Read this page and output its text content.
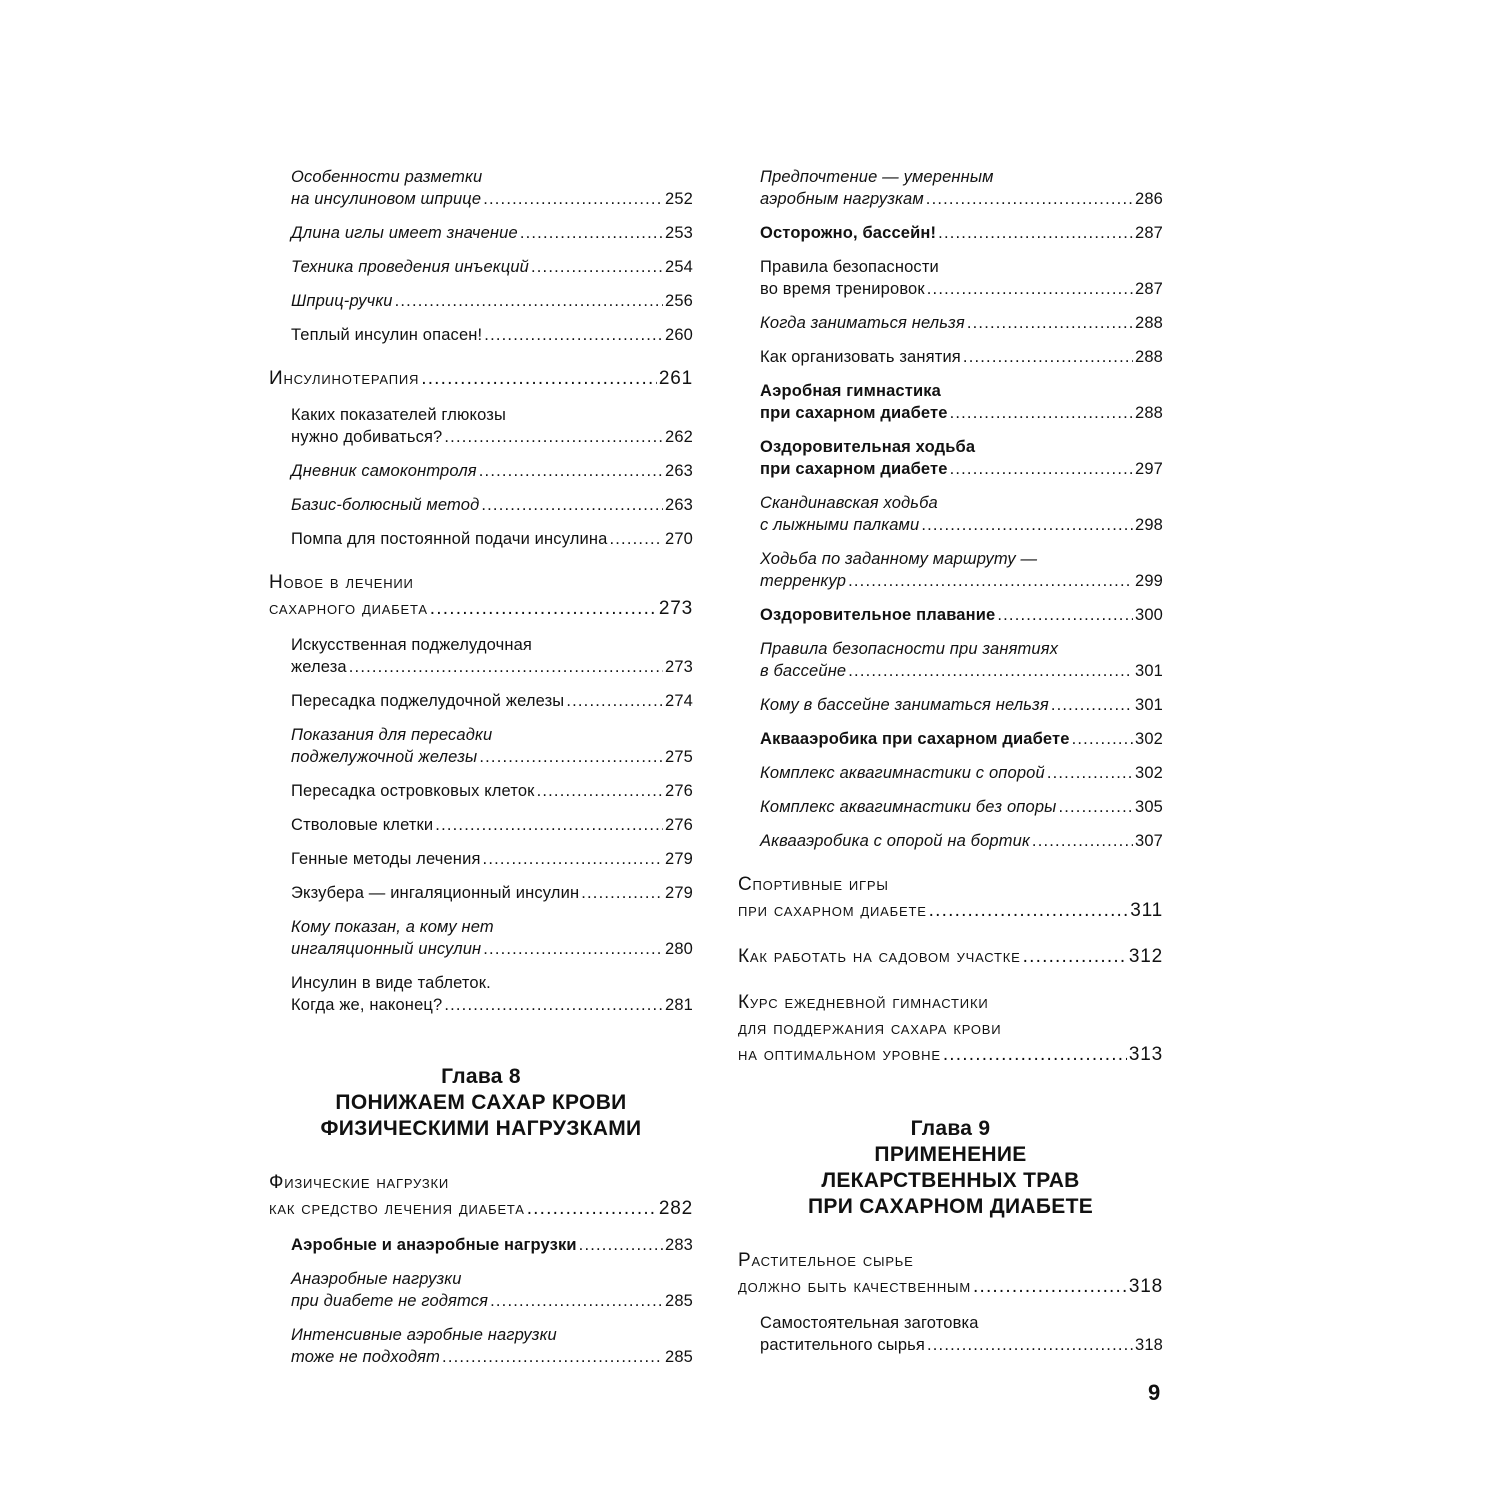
Особенности разметки
на инсулиновом шприце .....	252
Длина иглы имеет значение .....	253
Техника проведения инъекций .....	254
Шприц-ручки .....	256
Теплый инсулин опасен! .....	260
Инсулинотерапия .....	261
Каких показателей глюкозы
нужно добиваться? .....	262
Дневник самоконтроля .....	263
Базис-болюсный метод .....	263
Помпа для постоянной подачи инсулина .....	270
Новое в лечении
сахарного диабета .....	273
Искусственная поджелудочная
железа .....	273
Пересадка поджелудочной железы .....	274
Показания для пересадки
поджелужочной железы .....	275
Пересадка островковых клеток .....	276
Стволовые клетки .....	276
Генные методы лечения .....	279
Экзубера — ингаляционный инсулин .....	279
Кому показан, а кому нет
ингаляционный инсулин .....	280
Инсулин в виде таблеток.
Когда же, наконец? .....	281
Глава 8
ПОНИЖАЕМ САХАР КРОВИ
ФИЗИЧЕСКИМИ НАГРУЗКАМИ
Физические нагрузки
как средство лечения диабета .....	282
Аэробные и анаэробные нагрузки .....	283
Анаэробные нагрузки
при диабете не годятся .....	285
Интенсивные аэробные нагрузки
тоже не подходят .....	285
Предпочтение — умеренным
аэробным нагрузкам .....	286
Осторожно, бассейн! .....	287
Правила безопасности
во время тренировок .....	287
Когда заниматься нельзя .....	288
Как организовать занятия .....	288
Аэробная гимнастика
при сахарном диабете .....	288
Оздоровительная ходьба
при сахарном диабете .....	297
Скандинавская ходьба
с лыжными палками .....	298
Ходьба по заданному маршруту —
терренкур .....	299
Оздоровительное плавание .....	300
Правила безопасности при занятиях
в бассейне .....	301
Кому в бассейне заниматься нельзя .....	301
Аквааэробика при сахарном диабете .....	302
Комплекс аквагимнастики с опорой .....	302
Комплекс аквагимнастики без опоры .....	305
Аквааэробика с опорой на бортик .....	307
Спортивные игры
при сахарном диабете .....	311
Как работать на садовом участке .....	312
Курс ежедневной гимнастики
для поддержания сахара крови
на оптимальном уровне .....	313
Глава 9
ПРИМЕНЕНИЕ
ЛЕКАРСТВЕННЫХ ТРАВ
ПРИ САХАРНОМ ДИАБЕТЕ
Растительное сырье
должно быть качественным .....	318
Самостоятельная заготовка
растительного сырья .....	318
9
